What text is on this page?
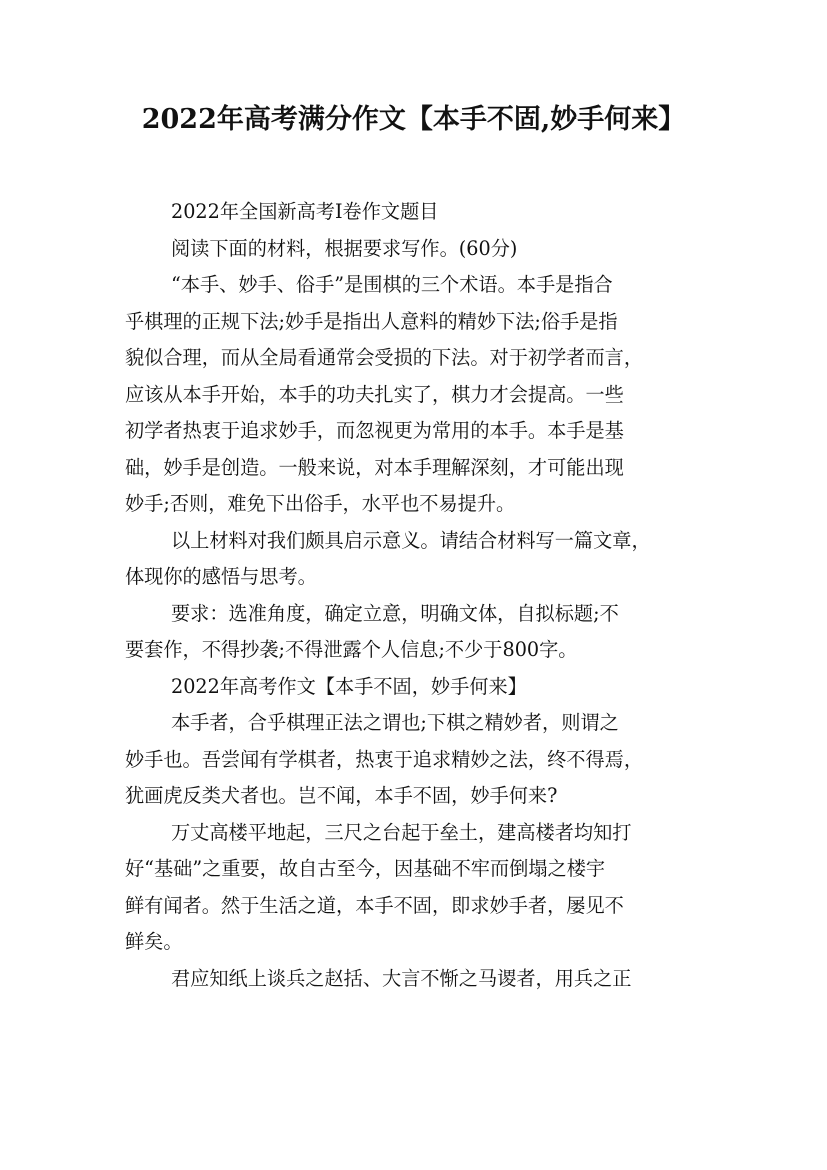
2022年高考满分作文【本手不固,妙手何来】
2022年全国新高考Ⅰ卷作文题目
阅读下面的材料，根据要求写作。(60分)
“本手、妙手、俗手”是围棋的三个术语。本手是指合
乎棋理的正规下法;妙手是指出人意料的精妙下法;俗手是指
貌似合理，而从全局看通常会受损的下法。对于初学者而言，
应该从本手开始，本手的功夫扎实了，棋力才会提高。一些
初学者热衷于追求妙手，而忽视更为常用的本手。本手是基
础，妙手是创造。一般来说，对本手理解深刻，才可能出现
妙手;否则，难免下出俗手，水平也不易提升。
以上材料对我们颇具启示意义。请结合材料写一篇文章，
体现你的感悟与思考。
要求：选准角度，确定立意，明确文体，自拟标题;不
要套作，不得抄袭;不得泄露个人信息;不少于800字。
2022年高考作文【本手不固，妙手何来】
本手者，合乎棋理正法之谓也;下棋之精妙者，则谓之
妙手也。吾尝闻有学棋者，热衷于追求精妙之法，终不得焉，
犹画虎反类犬者也。岂不闻，本手不固，妙手何来?
万丈高楼平地起，三尺之台起于垒土，建高楼者均知打
好“基础”之重要，故自古至今，因基础不牢而倒塌之楼宇
鲜有闻者。然于生活之道，本手不固，即求妙手者，屡见不
鲜矣。
君应知纸上谈兵之赵括、大言不惭之马谡者，用兵之正
